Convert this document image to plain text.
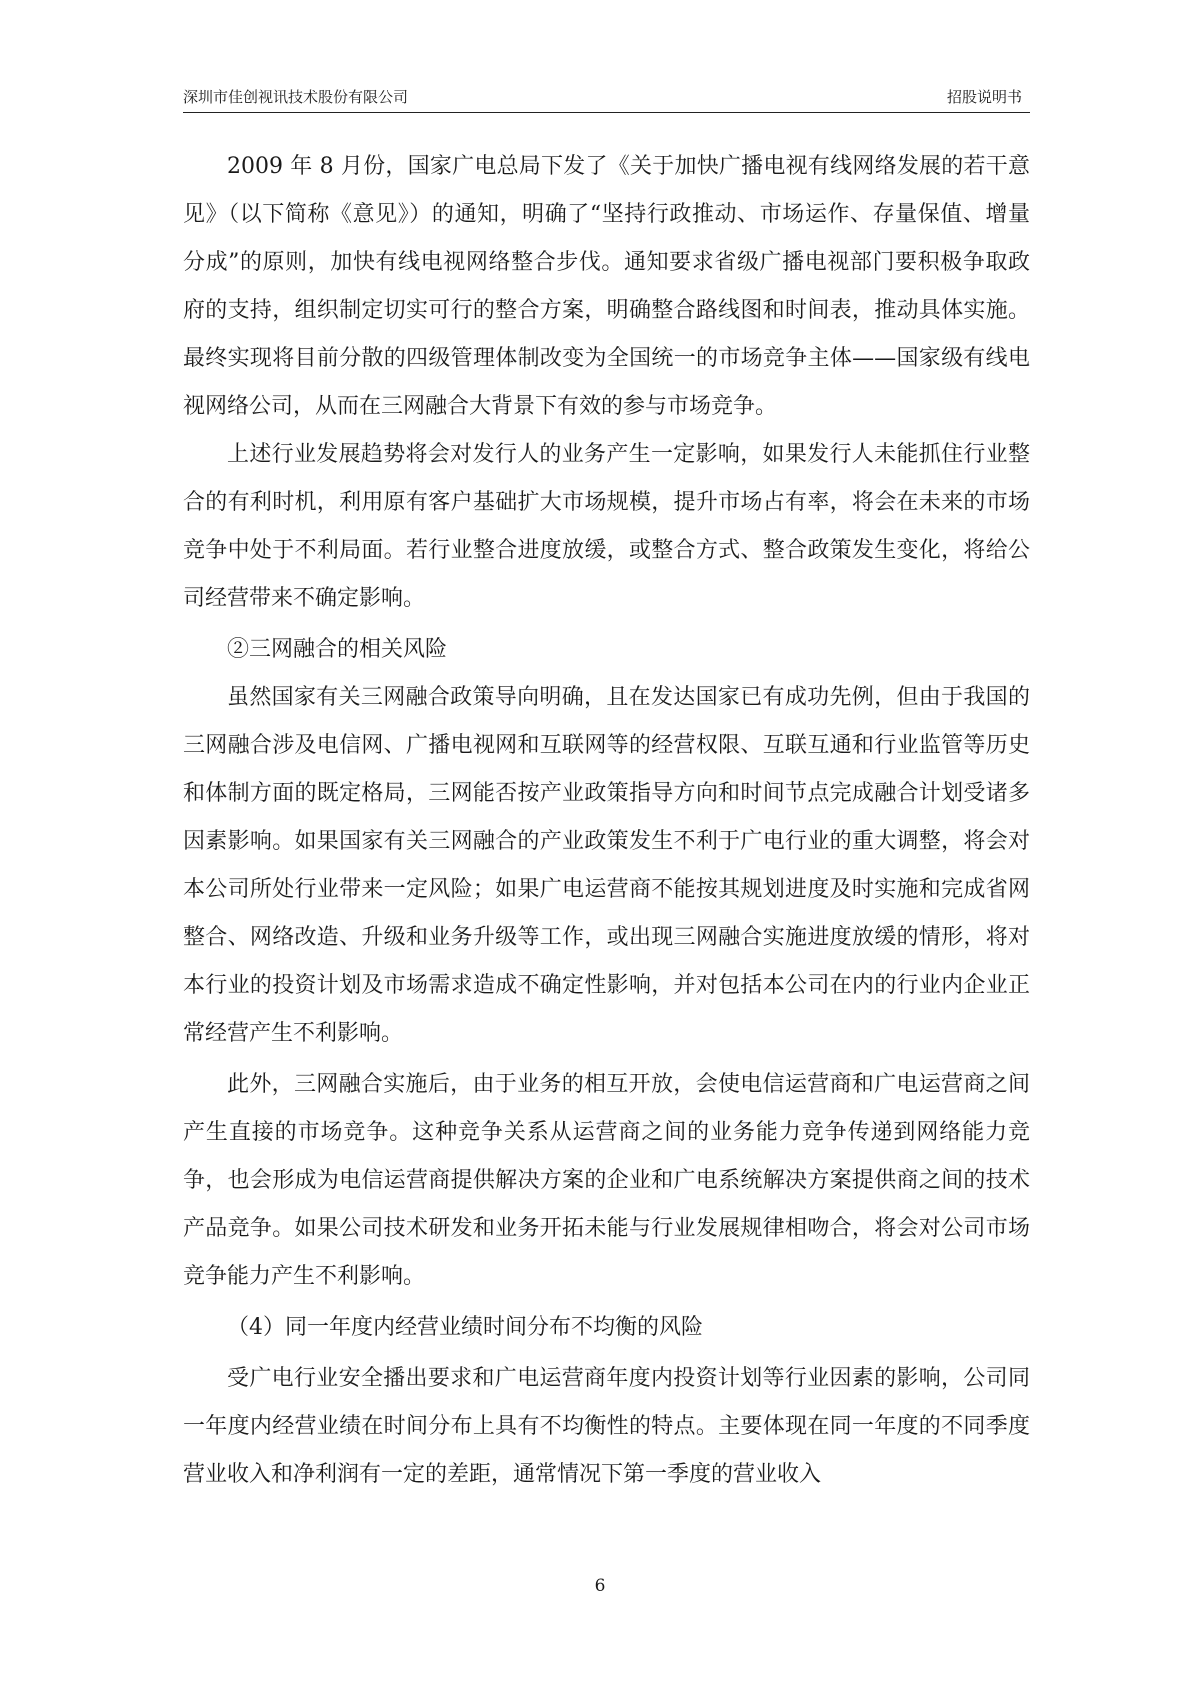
深圳市佳创视讯技术股份有限公司	招股说明书

2009 年 8 月份，国家广电总局下发了《关于加快广播电视有线网络发展的若干意见》（以下简称《意见》）的通知，明确了“坚持行政推动、市场运作、存量保值、增量分成”的原则，加快有线电视网络整合步伐。通知要求省级广播电视部门要积极争取政府的支持，组织制定切实可行的整合方案，明确整合路线图和时间表，推动具体实施。最终实现将目前分散的四级管理体制改变为全国统一的市场竞争主体——国家级有线电视网络公司，从而在三网融合大背景下有效的参与市场竞争。

上述行业发展趋势将会对发行人的业务产生一定影响，如果发行人未能抓住行业整合的有利时机，利用原有客户基础扩大市场规模，提升市场占有率，将会在未来的市场竞争中处于不利局面。若行业整合进度放缓，或整合方式、整合政策发生变化，将给公司经营带来不确定影响。

②三网融合的相关风险

虽然国家有关三网融合政策导向明确，且在发达国家已有成功先例，但由于我国的三网融合涉及电信网、广播电视网和互联网等的经营权限、互联互通和行业监管等历史和体制方面的既定格局，三网能否按产业政策指导方向和时间节点完成融合计划受诸多因素影响。如果国家有关三网融合的产业政策发生不利于广电行业的重大调整，将会对本公司所处行业带来一定风险；如果广电运营商不能按其规划进度及时实施和完成省网整合、网络改造、升级和业务升级等工作，或出现三网融合实施进度放缓的情形，将对本行业的投资计划及市场需求造成不确定性影响，并对包括本公司在内的行业内企业正常经营产生不利影响。

此外，三网融合实施后，由于业务的相互开放，会使电信运营商和广电运营商之间产生直接的市场竞争。这种竞争关系从运营商之间的业务能力竞争传递到网络能力竞争，也会形成为电信运营商提供解决方案的企业和广电系统解决方案提供商之间的技术产品竞争。如果公司技术研发和业务开拓未能与行业发展规律相吻合，将会对公司市场竞争能力产生不利影响。

（4）同一年度内经营业绩时间分布不均衡的风险

受广电行业安全播出要求和广电运营商年度内投资计划等行业因素的影响，公司同一年度内经营业绩在时间分布上具有不均衡性的特点。主要体现在同一年度的不同季度营业收入和净利润有一定的差距，通常情况下第一季度的营业收入

6
